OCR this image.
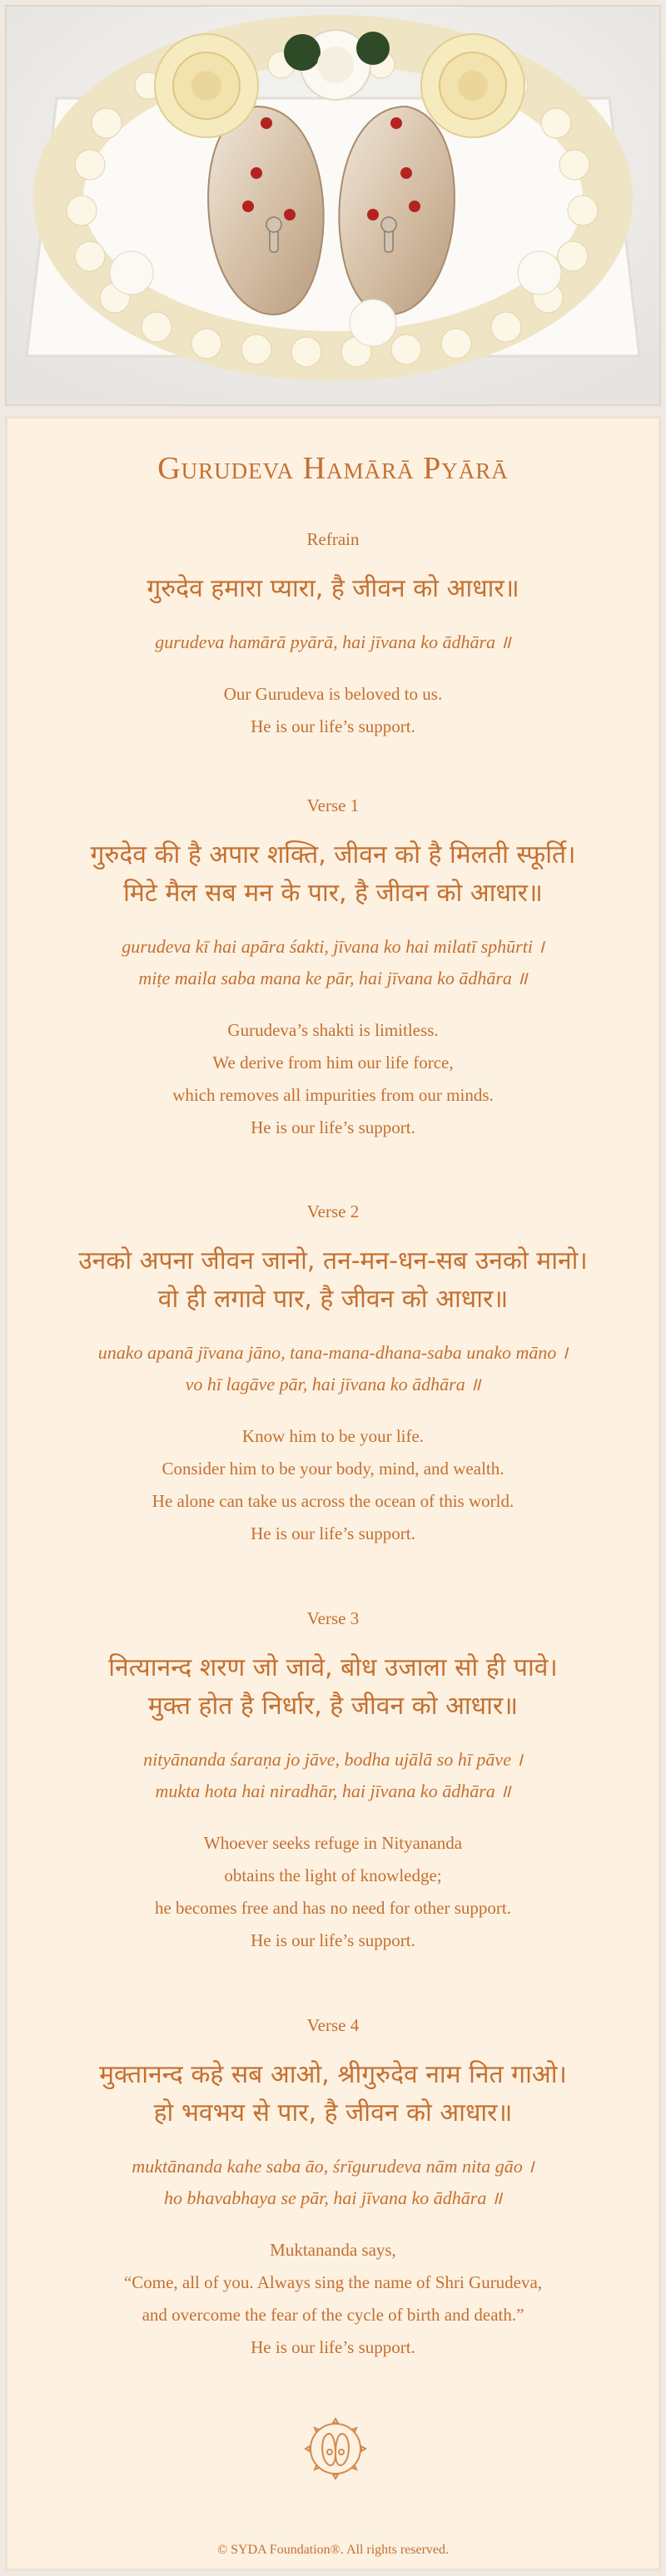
Gurudeva Hamārā Pyārā
Refrain
गुरुदेव हमारा प्यारा, है जीवन को आधार॥
gurudeva hamārā pyārā, hai jīvana ko ādhāra ॥
Our Gurudeva is beloved to us.
He is our life’s support.
Verse 1
गुरुदेव की है अपार शक्ति, जीवन को है मिलती स्फूर्ति।
मिटे मैल सब मन के पार, है जीवन को आधार॥
gurudeva kī hai apāra śakti, jīvana ko hai milatī sphūrti ।
miṭe maila saba mana ke pār, hai jīvana ko ādhāra ॥
Gurudeva’s shakti is limitless.
We derive from him our life force,
which removes all impurities from our minds.
He is our life’s support.
Verse 2
उनको अपना जीवन जानो, तन-मन-धन-सब उनको मानो।
वो ही लगावे पार, है जीवन को आधार॥
unako apanā jīvana jāno, tana-mana-dhana-saba unako māno ।
vo hī lagāve pār, hai jīvana ko ādhāra ॥
Know him to be your life.
Consider him to be your body, mind, and wealth.
He alone can take us across the ocean of this world.
He is our life’s support.
Verse 3
नित्यानन्द शरण जो जावे, बोध उजाला सो ही पावे।
मुक्त होत है निर्धार, है जीवन को आधार॥
nityānanda śaraṇa jo jāve, bodha ujālā so hī pāve ।
mukta hota hai niradhār, hai jīvana ko ādhāra ॥
Whoever seeks refuge in Nityananda
obtains the light of knowledge;
he becomes free and has no need for other support.
He is our life’s support.
Verse 4
मुक्तानन्द कहे सब आओ, श्रीगुरुदेव नाम नित गाओ।
हो भवभय से पार, है जीवन को आधार॥
muktānanda kahe saba āo, śrīgurudeva nām nita gāo ।
ho bhavabhaya se pār, hai jīvana ko ādhāra ॥
Muktananda says,
“Come, all of you. Always sing the name of Shri Gurudeva,
and overcome the fear of the cycle of birth and death.”
He is our life’s support.
© SYDA Foundation®. All rights reserved.
